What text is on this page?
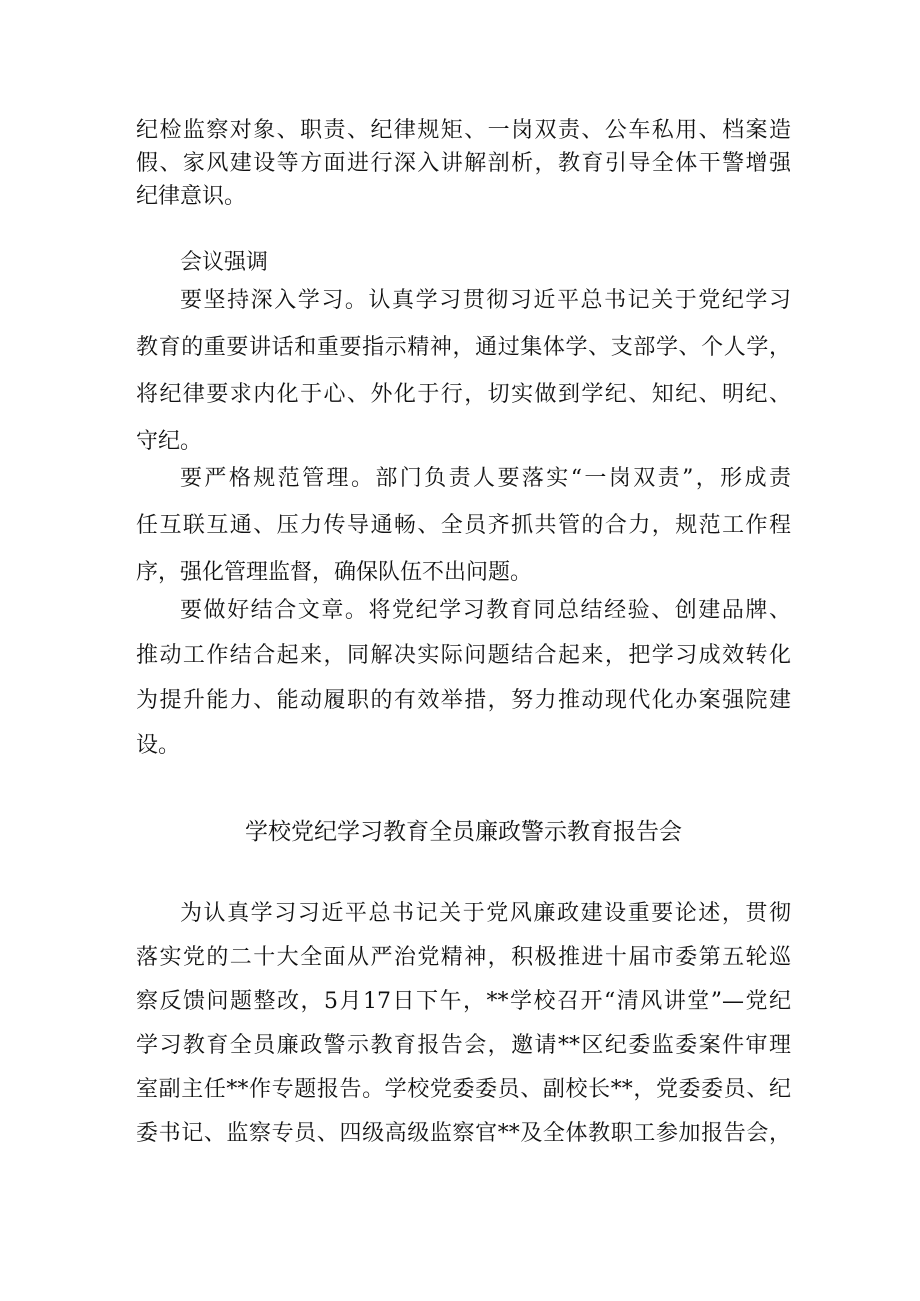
纪检监察对象、职责、纪律规矩、一岗双责、公车私用、档案造
假、家风建设等方面进行深入讲解剖析，教育引导全体干警增强
纪律意识。
会议强调
要坚持深入学习。认真学习贯彻习近平总书记关于党纪学习
教育的重要讲话和重要指示精神，通过集体学、支部学、个人学，
将纪律要求内化于心、外化于行，切实做到学纪、知纪、明纪、
守纪。
要严格规范管理。部门负责人要落实“一岗双责”，形成责
任互联互通、压力传导通畅、全员齐抓共管的合力，规范工作程
序，强化管理监督，确保队伍不出问题。
要做好结合文章。将党纪学习教育同总结经验、创建品牌、
推动工作结合起来，同解决实际问题结合起来，把学习成效转化
为提升能力、能动履职的有效举措，努力推动现代化办案强院建
设。
学校党纪学习教育全员廉政警示教育报告会
为认真学习习近平总书记关于党风廉政建设重要论述，贯彻
落实党的二十大全面从严治党精神，积极推进十届市委第五轮巡
察反馈问题整改，5月17日下午，**学校召开“清风讲堂”—党纪
学习教育全员廉政警示教育报告会，邀请**区纪委监委案件审理
室副主任**作专题报告。学校党委委员、副校长**，党委委员、纪
委书记、监察专员、四级高级监察官**及全体教职工参加报告会，
